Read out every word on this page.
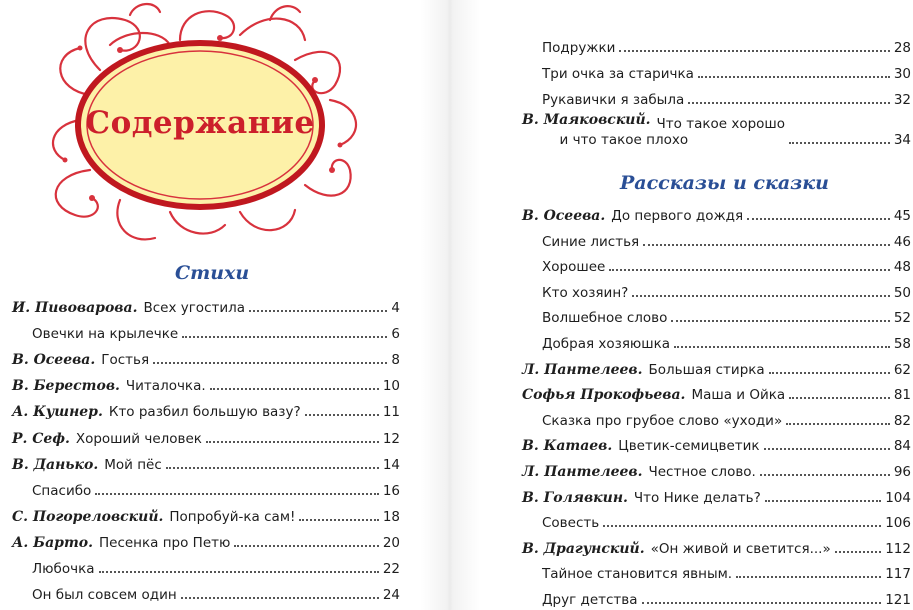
Содержание
Стихи
И. Пивоварова. Всех угостила	4
Овечки на крылечке	6
В. Осеева. Гостья	8
В. Берестов. Читалочка.	10
А. Кушнер. Кто разбил большую вазу?	11
Р. Сеф. Хороший человек	12
В. Данько. Мой пёс	14
Спасибо	16
С. Погореловский. Попробуй-ка сам!	18
А. Барто. Песенка про Петю	20
Любочка	22
Он был совсем один	24
Подружки	28
Три очка за старичка	30
Рукавички я забыла	32
В. Маяковский. Что такое хорошо
и что такое плохо	34
Рассказы и сказки
В. Осеева. До первого дождя	45
Синие листья	46
Хорошее	48
Кто хозяин?	50
Волшебное слово	52
Добрая хозяюшка	58
Л. Пантелеев. Большая стирка	62
Софья Прокофьева. Маша и Ойка	81
Сказка про грубое слово «уходи»	82
В. Катаев. Цветик-семицветик	84
Л. Пантелеев. Честное слово.	96
В. Голявкин. Что Нике делать?	104
Совесть	106
В. Драгунский. «Он живой и светится...»	112
Тайное становится явным.	117
Друг детства	121
